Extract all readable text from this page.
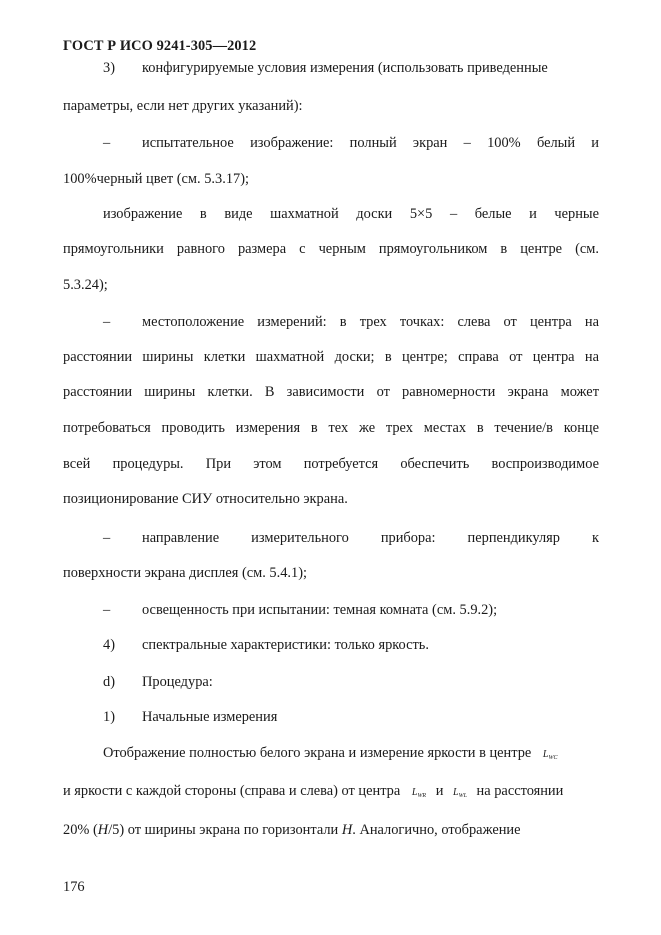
ГОСТ Р ИСО 9241-305—2012
3) конфигурируемые условия измерения (использовать приведенные
параметры, если нет других указаний):
– испытательное изображение: полный экран – 100% белый и
100%черный цвет (см. 5.3.17);
изображение в виде шахматной доски 5×5 – белые и черные
прямоугольники равного размера с черным прямоугольником в центре (см.
5.3.24);
– местоположение измерений: в трех точках: слева от центра на
расстоянии ширины клетки шахматной доски; в центре; справа от центра на
расстоянии ширины клетки. В зависимости от равномерности экрана может
потребоваться проводить измерения в тех же трех местах в течение/в конце
всей процедуры. При этом потребуется обеспечить воспроизводимое
позиционирование СИУ относительно экрана.
– направление измерительного прибора: перпендикуляр к
поверхности экрана дисплея (см. 5.4.1);
– освещенность при испытании: темная комната (см. 5.9.2);
4) спектральные характеристики: только яркость.
d) Процедура:
1) Начальные измерения
Отображение полностью белого экрана и измерение яркости в центре $L_{WC}$
и яркости с каждой стороны (справа и слева) от центра $L_{WR}$ и $L_{WL}$ на расстоянии
20% (H/5) от ширины экрана по горизонтали H. Аналогично, отображение
176
